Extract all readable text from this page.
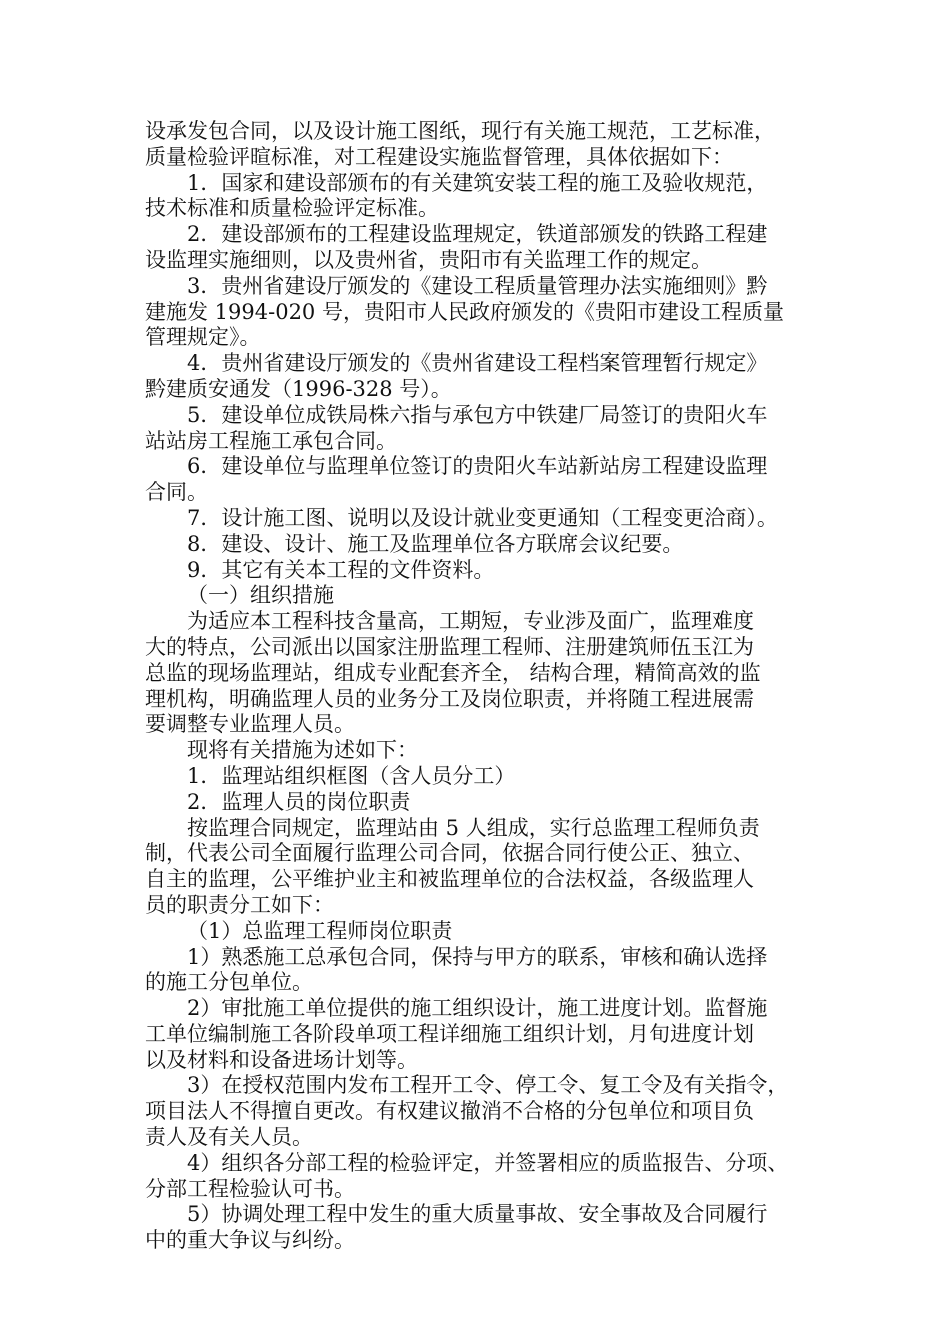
设承发包合同，以及设计施工图纸，现行有关施工规范，工艺标准，

质量检验评暄标准，对工程建设实施监督管理，具体依据如下：

1．国家和建设部颁布的有关建筑安装工程的施工及验收规范，

技术标准和质量检验评定标准。

2．建设部颁布的工程建设监理规定，铁道部颁发的铁路工程建

设监理实施细则，以及贵州省，贵阳市有关监理工作的规定。

3．贵州省建设厅颁发的《建设工程质量管理办法实施细则》黔

建施发 1994-020 号，贵阳市人民政府颁发的《贵阳市建设工程质量

管理规定》。

4．贵州省建设厅颁发的《贵州省建设工程档案管理暂行规定》

黔建质安通发（1996-328 号）。

5．建设单位成铁局株六指与承包方中铁建厂局签订的贵阳火车

站站房工程施工承包合同。

6．建设单位与监理单位签订的贵阳火车站新站房工程建设监理

合同。

7．设计施工图、说明以及设计就业变更通知（工程变更洽商）。

8．建设、设计、施工及监理单位各方联席会议纪要。

9．其它有关本工程的文件资料。

（一）组织措施

为适应本工程科技含量高，工期短，专业涉及面广，监理难度

大的特点，公司派出以国家注册监理工程师、注册建筑师伍玉江为

总监的现场监理站，组成专业配套齐全， 结构合理，精简高效的监

理机构，明确监理人员的业务分工及岗位职责，并将随工程进展需

要调整专业监理人员。

现将有关措施为述如下：

1．监理站组织框图（含人员分工）

2．监理人员的岗位职责

按监理合同规定，监理站由 5 人组成，实行总监理工程师负责

制，代表公司全面履行监理公司合同，依据合同行使公正、独立、

自主的监理，公平维护业主和被监理单位的合法权益，各级监理人

员的职责分工如下：

（1）总监理工程师岗位职责

1）熟悉施工总承包合同，保持与甲方的联系，审核和确认选择

的施工分包单位。

2）审批施工单位提供的施工组织设计，施工进度计划。监督施

工单位编制施工各阶段单项工程详细施工组织计划，月旬进度计划

以及材料和设备进场计划等。

3）在授权范围内发布工程开工令、停工令、复工令及有关指令，

项目法人不得擅自更改。有权建议撤消不合格的分包单位和项目负

责人及有关人员。

4）组织各分部工程的检验评定，并签署相应的质监报告、分项、

分部工程检验认可书。

5）协调处理工程中发生的重大质量事故、安全事故及合同履行

中的重大争议与纠纷。
